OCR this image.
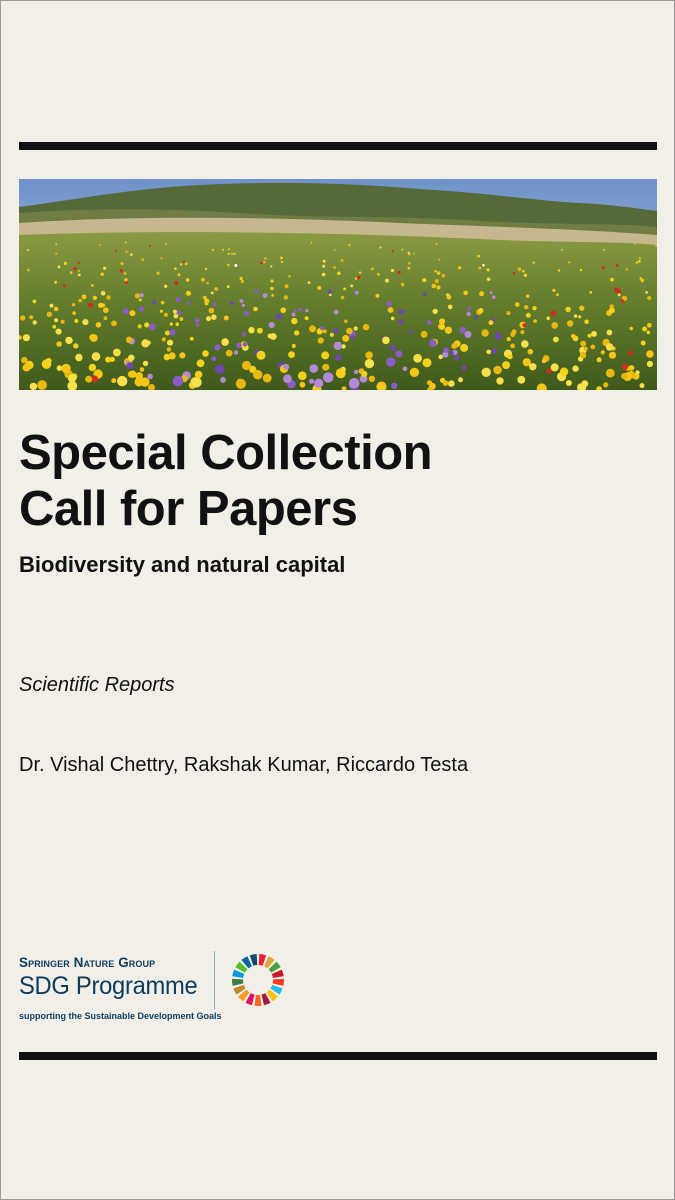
Special Collection
Call for Papers
Biodiversity and natural capital
Scientific Reports
Dr. Vishal Chettry, Rakshak Kumar, Riccardo Testa
Springer Nature Group
SDG Programme
supporting the Sustainable Development Goals
